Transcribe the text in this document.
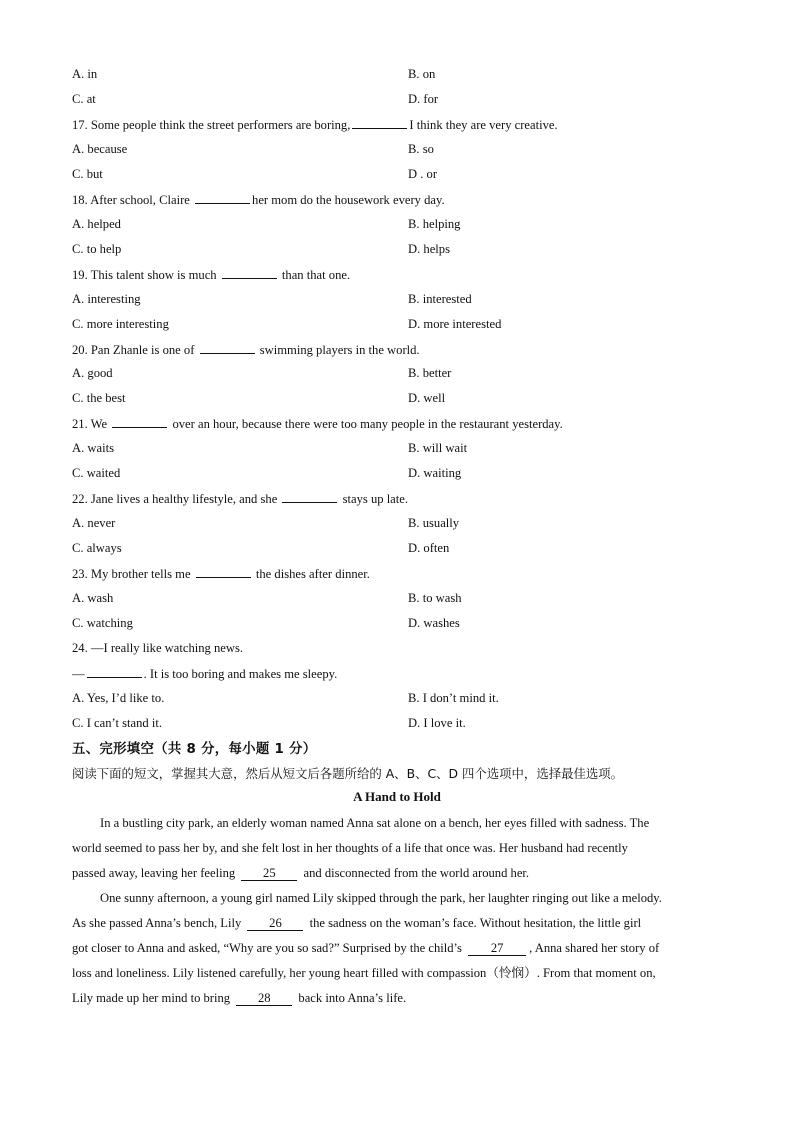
A. in	B. on
C. at	D. for
17. Some people think the street performers are boring,	I think they are very creative.
A. because	B. so
C. but	D . or
18. After school, Claire	her mom do the housework every day.
A. helped	B. helping
C. to help	D. helps
19. This talent show is much	than that one.
A. interesting	B. interested
C. more interesting	D. more interested
20. Pan Zhanle is one of	swimming players in the world.
A. good	B. better
C. the best	D. well
21. We	over an hour, because there were too many people in the restaurant yesterday.
A. waits	B. will wait
C. waited	D. waiting
22. Jane lives a healthy lifestyle, and she	stays up late.
A. never	B. usually
C. always	D. often
23. My brother tells me	the dishes after dinner.
A. wash	B. to wash
C. watching	D. washes
24. —I really like watching news.
—	. It is too boring and makes me sleepy.
A. Yes, I’d like to.	B. I don’t mind it.
C. I can’t stand it.	D. I love it.
五、完形填空（共 8 分，每小题 1 分）
阅读下面的短文，掌握其大意，然后从短文后各题所给的 A、B、C、D 四个选项中，选择最佳选项。
A Hand to Hold
In a bustling city park, an elderly woman named Anna sat alone on a bench, her eyes filled with sadness. The
world seemed to pass her by, and she felt lost in her thoughts of a life that once was. Her husband had recently
passed away, leaving her feeling 25 and disconnected from the world around her.
One sunny afternoon, a young girl named Lily skipped through the park, her laughter ringing out like a melody.
As she passed Anna’s bench, Lily 26 the sadness on the woman’s face. Without hesitation, the little girl
got closer to Anna and asked, “Why are you so sad?” Surprised by the child’s 27 , Anna shared her story of
loss and loneliness. Lily listened carefully, her young heart filled with compassion（怜悯）. From that moment on,
Lily made up her mind to bring 28 back into Anna’s life.
